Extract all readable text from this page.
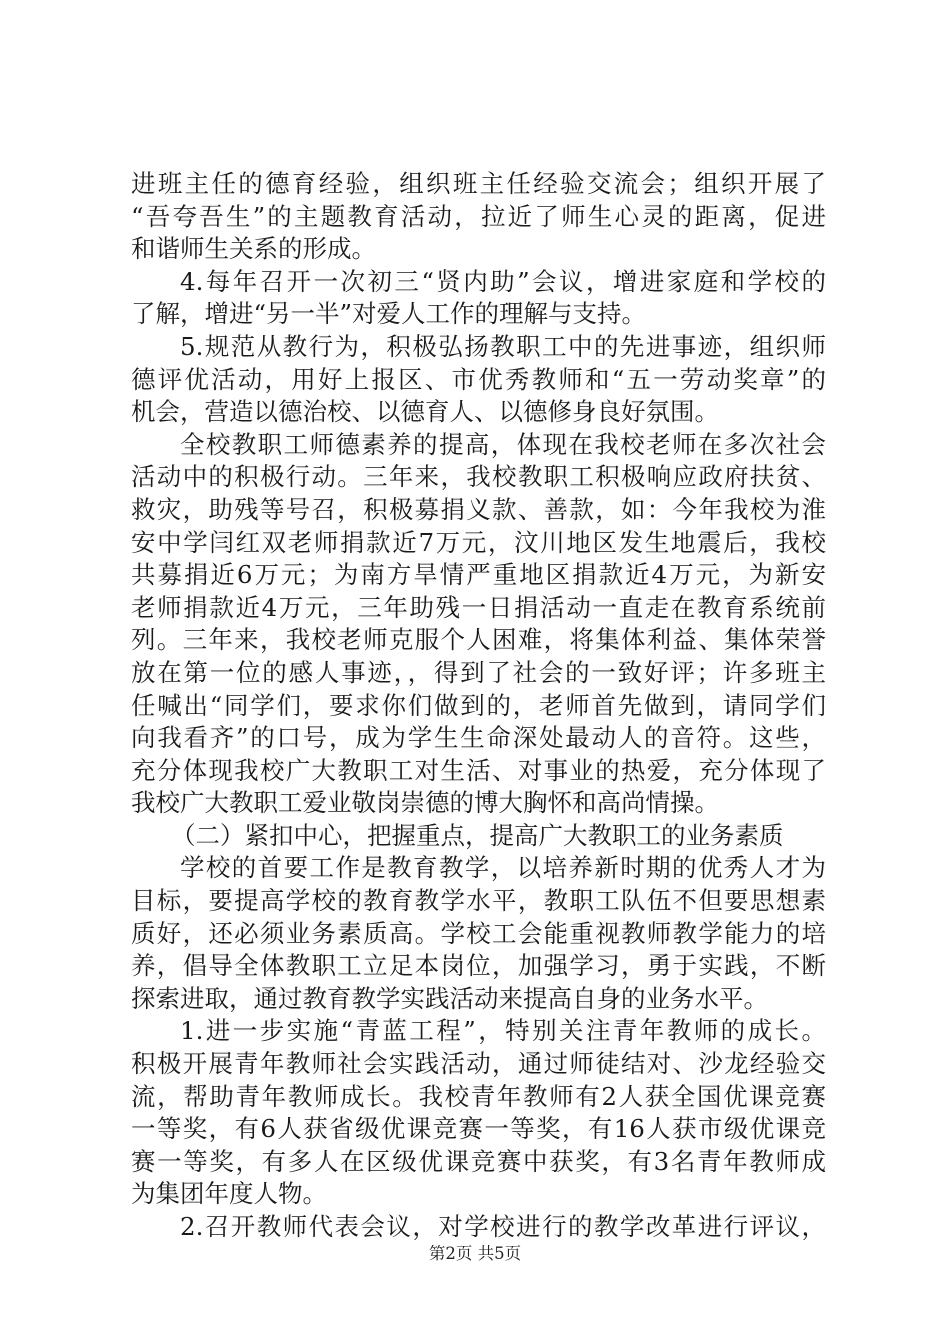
进班主任的德育经验，组织班主任经验交流会；组织开展了
“吾夸吾生”的主题教育活动，拉近了师生心灵的距离，促进
和谐师生关系的形成。
4.每年召开一次初三“贤内助”会议，增进家庭和学校的
了解，增进“另一半”对爱人工作的理解与支持。
5.规范从教行为，积极弘扬教职工中的先进事迹，组织师
德评优活动，用好上报区、市优秀教师和“五一劳动奖章”的
机会，营造以德治校、以德育人、以德修身良好氛围。
全校教职工师德素养的提高，体现在我校老师在多次社会
活动中的积极行动。三年来，我校教职工积极响应政府扶贫、
救灾，助残等号召，积极募捐义款、善款，如：今年我校为淮
安中学闫红双老师捐款近7万元，汶川地区发生地震后，我校
共募捐近6万元；为南方旱情严重地区捐款近4万元，为新安
老师捐款近4万元，三年助残一日捐活动一直走在教育系统前
列。三年来，我校老师克服个人困难，将集体利益、集体荣誉
放在第一位的感人事迹，，得到了社会的一致好评；许多班主
任喊出“同学们，要求你们做到的，老师首先做到，请同学们
向我看齐”的口号，成为学生生命深处最动人的音符。这些，
充分体现我校广大教职工对生活、对事业的热爱，充分体现了
我校广大教职工爱业敬岗崇德的博大胸怀和高尚情操。
（二）紧扣中心，把握重点，提高广大教职工的业务素质
学校的首要工作是教育教学，以培养新时期的优秀人才为
目标，要提高学校的教育教学水平，教职工队伍不但要思想素
质好，还必须业务素质高。学校工会能重视教师教学能力的培
养，倡导全体教职工立足本岗位，加强学习，勇于实践，不断
探索进取，通过教育教学实践活动来提高自身的业务水平。
1.进一步实施“青蓝工程”，特别关注青年教师的成长。
积极开展青年教师社会实践活动，通过师徒结对、沙龙经验交
流，帮助青年教师成长。我校青年教师有2人获全国优课竞赛
一等奖，有6人获省级优课竞赛一等奖，有16人获市级优课竞
赛一等奖，有多人在区级优课竞赛中获奖，有3名青年教师成
为集团年度人物。
2.召开教师代表会议，对学校进行的教学改革进行评议，
第2页 共5页
